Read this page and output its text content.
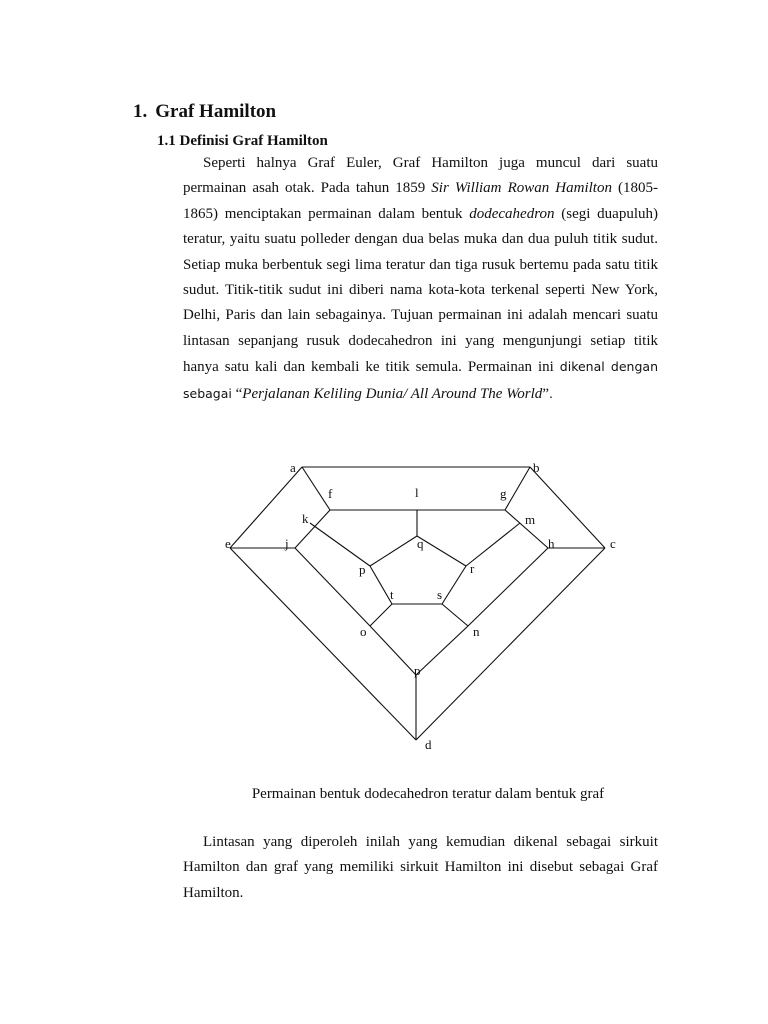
1. Graf Hamilton
1.1 Definisi Graf Hamilton

Seperti halnya Graf Euler, Graf Hamilton juga muncul dari suatu permainan asah otak. Pada tahun 1859 Sir William Rowan Hamilton (1805-1865) menciptakan permainan dalam bentuk dodecahedron (segi duapuluh) teratur, yaitu suatu polleder dengan dua belas muka dan dua puluh titik sudut. Setiap muka berbentuk segi lima teratur dan tiga rusuk bertemu pada satu titik sudut. Titik-titik sudut ini diberi nama kota-kota terkenal seperti New York, Delhi, Paris dan lain sebagainya. Tujuan permainan ini adalah mencari suatu lintasan sepanjang rusuk dodecahedron ini yang mengunjungi setiap titik hanya satu kali dan kembali ke titik semula. Permainan ini dikenal dengan sebagai “Perjalanan Keliling Dunia/ All Around The World”.

a	b
e	c
d
f	l	g
k	m
j	h
q
p	r
t	s
o	n
p

Permainan bentuk dodecahedron teratur dalam bentuk graf

Lintasan yang diperoleh inilah yang kemudian dikenal sebagai sirkuit Hamilton dan graf yang memiliki sirkuit Hamilton ini disebut sebagai Graf Hamilton.
